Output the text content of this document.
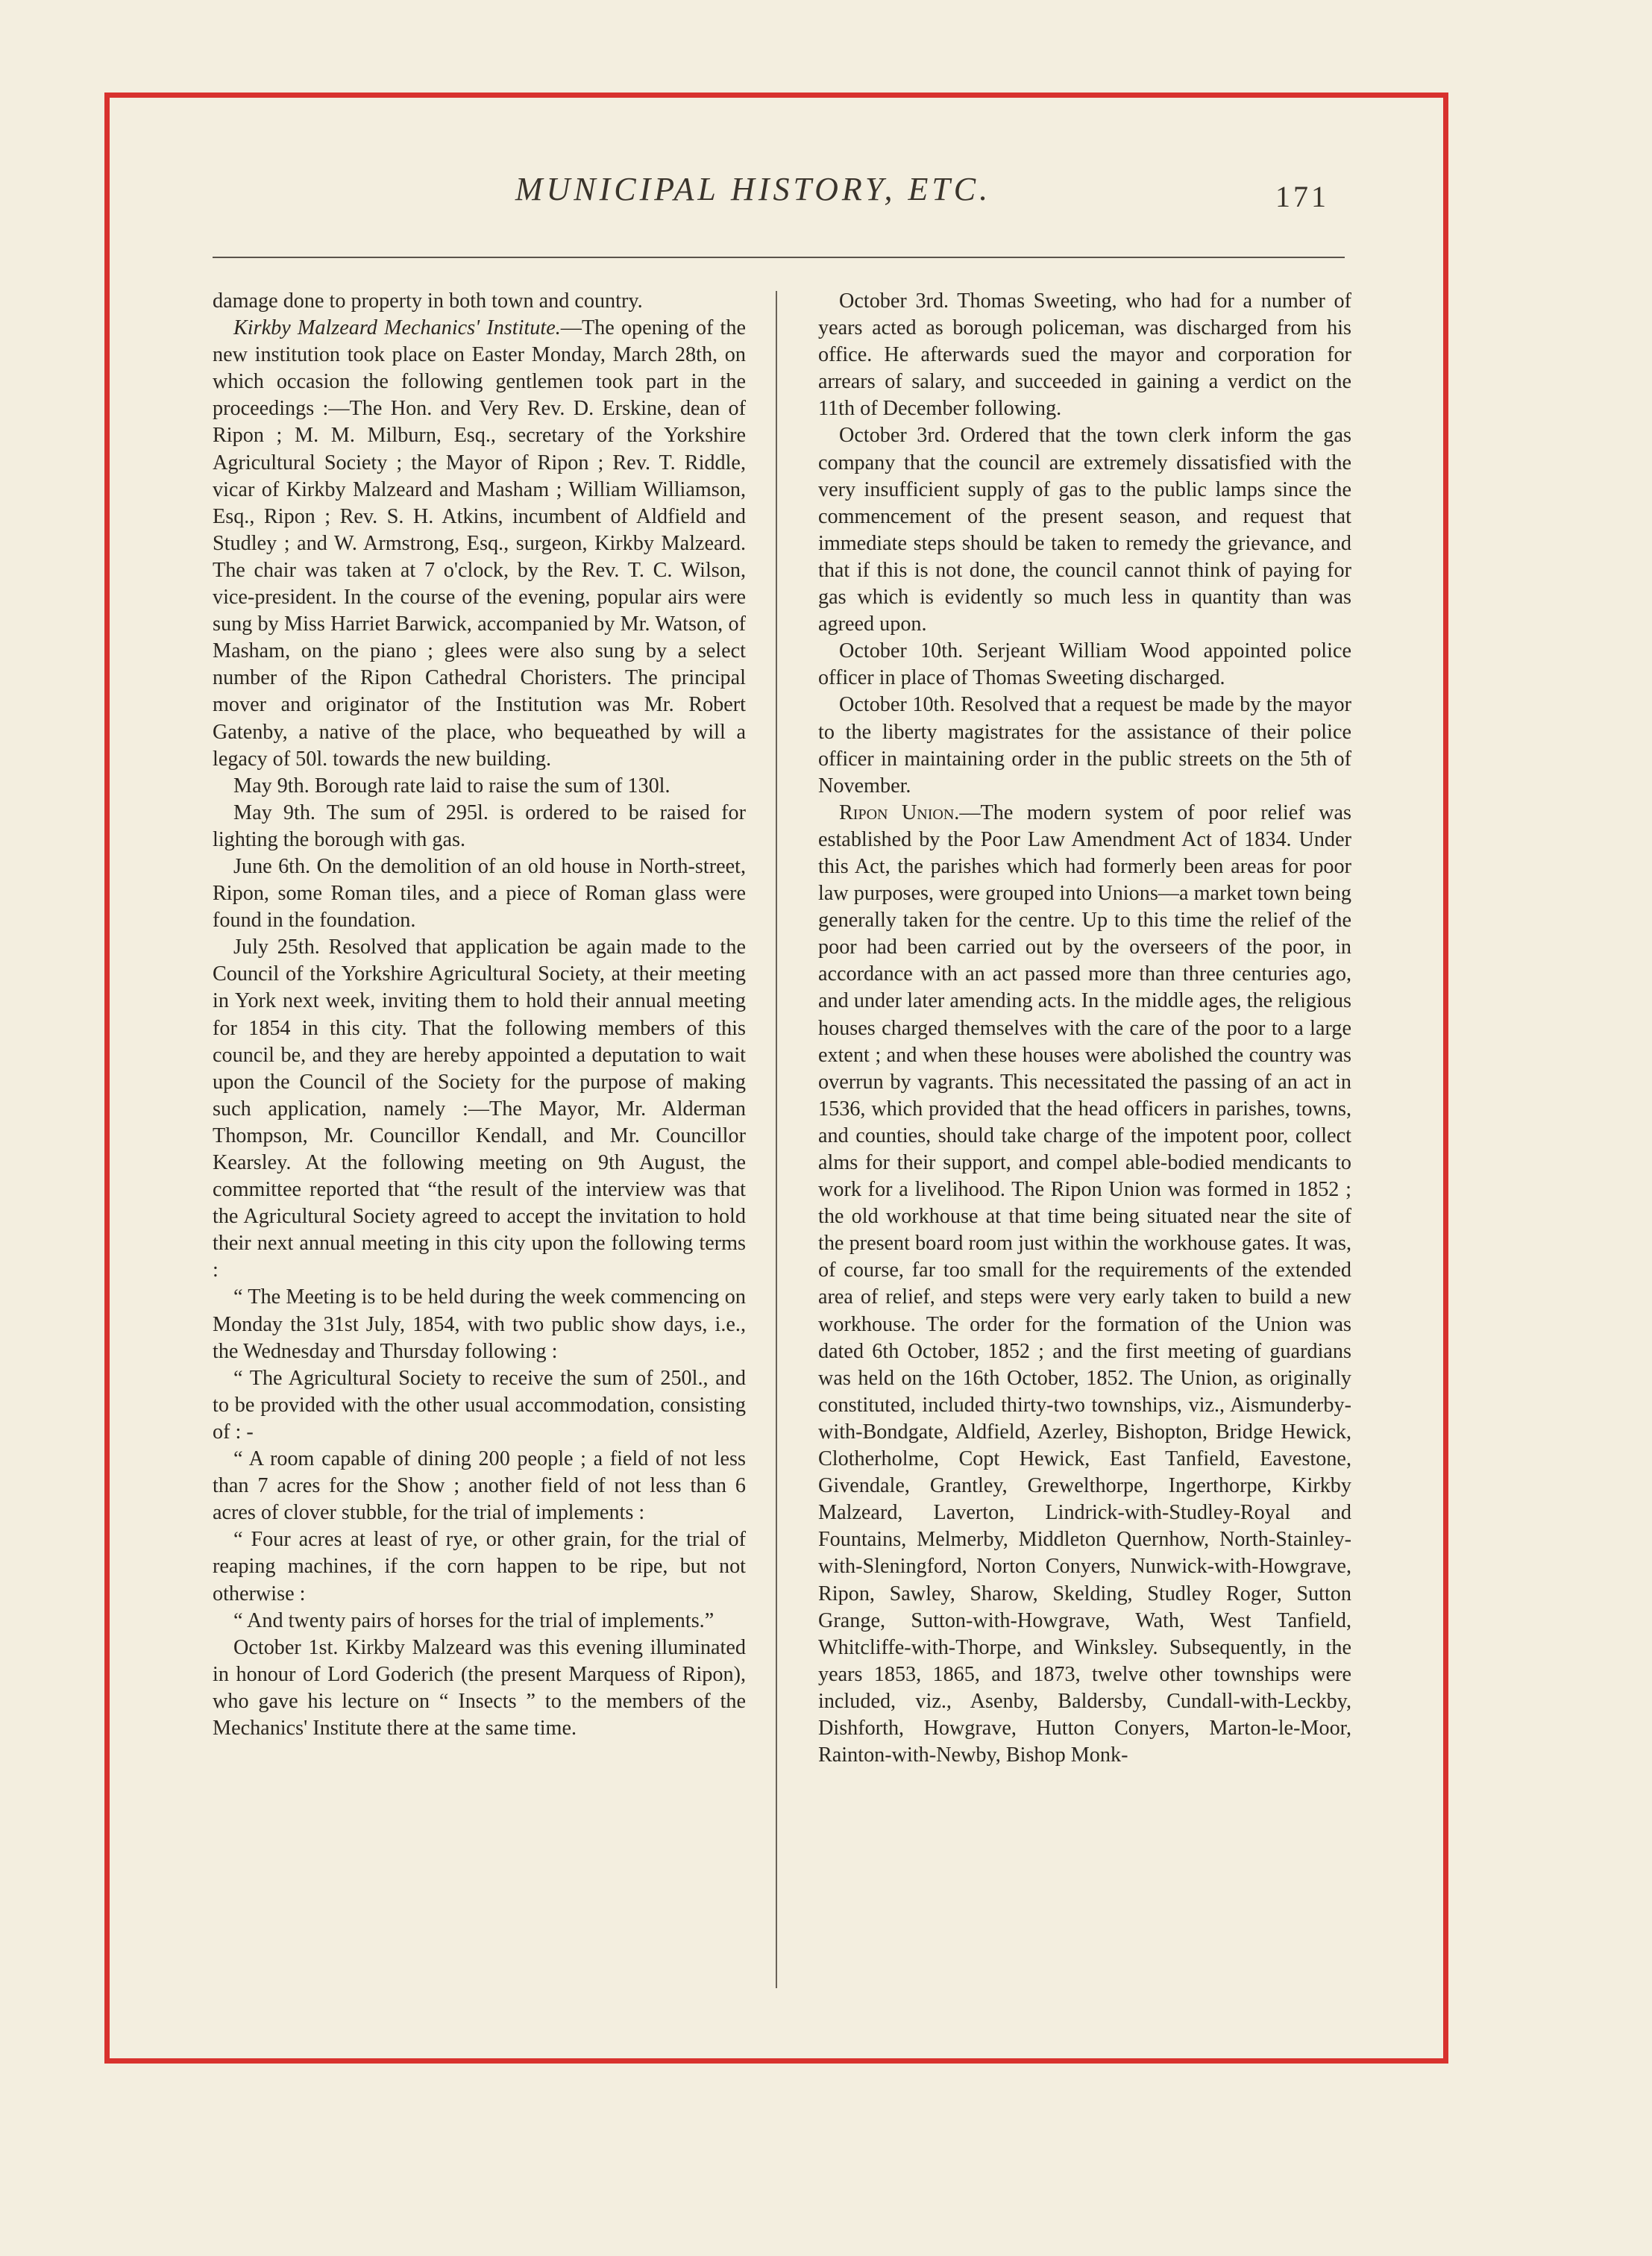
MUNICIPAL HISTORY, ETC.	171

damage done to property in both town and country.

Kirkby Malzeard Mechanics' Institute.—The opening of the new institution took place on Easter Monday, March 28th, on which occasion the following gentlemen took part in the proceedings :—The Hon. and Very Rev. D. Erskine, dean of Ripon ; M. M. Milburn, Esq., secretary of the Yorkshire Agricultural Society ; the Mayor of Ripon ; Rev. T. Riddle, vicar of Kirkby Malzeard and Masham ; William Williamson, Esq., Ripon ; Rev. S. H. Atkins, incumbent of Aldfield and Studley ; and W. Armstrong, Esq., surgeon, Kirkby Malzeard. The chair was taken at 7 o'clock, by the Rev. T. C. Wilson, vice-president. In the course of the evening, popular airs were sung by Miss Harriet Barwick, accompanied by Mr. Watson, of Masham, on the piano ; glees were also sung by a select number of the Ripon Cathedral Choristers. The principal mover and originator of the Institution was Mr. Robert Gatenby, a native of the place, who bequeathed by will a legacy of 50l. towards the new building.

May 9th. Borough rate laid to raise the sum of 130l.

May 9th. The sum of 295l. is ordered to be raised for lighting the borough with gas.

June 6th. On the demolition of an old house in North-street, Ripon, some Roman tiles, and a piece of Roman glass were found in the foundation.

July 25th. Resolved that application be again made to the Council of the Yorkshire Agricultural Society, at their meeting in York next week, inviting them to hold their annual meeting for 1854 in this city. That the following members of this council be, and they are hereby appointed a deputation to wait upon the Council of the Society for the purpose of making such application, namely :—The Mayor, Mr. Alderman Thompson, Mr. Councillor Kendall, and Mr. Councillor Kearsley. At the following meeting on 9th August, the committee reported that “the result of the interview was that the Agricultural Society agreed to accept the invitation to hold their next annual meeting in this city upon the following terms :

“ The Meeting is to be held during the week commencing on Monday the 31st July, 1854, with two public show days, i.e., the Wednesday and Thursday following :

“ The Agricultural Society to receive the sum of 250l., and to be provided with the other usual accommodation, consisting of : -

“ A room capable of dining 200 people ; a field of not less than 7 acres for the Show ; another field of not less than 6 acres of clover stubble, for the trial of implements :

“ Four acres at least of rye, or other grain, for the trial of reaping machines, if the corn happen to be ripe, but not otherwise :

“ And twenty pairs of horses for the trial of implements.”

October 1st. Kirkby Malzeard was this evening illuminated in honour of Lord Goderich (the present Marquess of Ripon), who gave his lecture on “ Insects ” to the members of the Mechanics' Institute there at the same time.

October 3rd. Thomas Sweeting, who had for a number of years acted as borough policeman, was discharged from his office. He afterwards sued the mayor and corporation for arrears of salary, and succeeded in gaining a verdict on the 11th of December following.

October 3rd. Ordered that the town clerk inform the gas company that the council are extremely dissatisfied with the very insufficient supply of gas to the public lamps since the commencement of the present season, and request that immediate steps should be taken to remedy the grievance, and that if this is not done, the council cannot think of paying for gas which is evidently so much less in quantity than was agreed upon.

October 10th. Serjeant William Wood appointed police officer in place of Thomas Sweeting discharged.

October 10th. Resolved that a request be made by the mayor to the liberty magistrates for the assistance of their police officer in maintaining order in the public streets on the 5th of November.

Ripon Union.—The modern system of poor relief was established by the Poor Law Amendment Act of 1834. Under this Act, the parishes which had formerly been areas for poor law purposes, were grouped into Unions—a market town being generally taken for the centre. Up to this time the relief of the poor had been carried out by the overseers of the poor, in accordance with an act passed more than three centuries ago, and under later amending acts. In the middle ages, the religious houses charged themselves with the care of the poor to a large extent ; and when these houses were abolished the country was overrun by vagrants. This necessitated the passing of an act in 1536, which provided that the head officers in parishes, towns, and counties, should take charge of the impotent poor, collect alms for their support, and compel able-bodied mendicants to work for a livelihood. The Ripon Union was formed in 1852 ; the old workhouse at that time being situated near the site of the present board room just within the workhouse gates. It was, of course, far too small for the requirements of the extended area of relief, and steps were very early taken to build a new workhouse. The order for the formation of the Union was dated 6th October, 1852 ; and the first meeting of guardians was held on the 16th October, 1852. The Union, as originally constituted, included thirty-two townships, viz., Aismunderby-with-Bondgate, Aldfield, Azerley, Bishopton, Bridge Hewick, Clotherholme, Copt Hewick, East Tanfield, Eavestone, Givendale, Grantley, Grewelthorpe, Ingerthorpe, Kirkby Malzeard, Laverton, Lindrick-with-Studley-Royal and Fountains, Melmerby, Middleton Quernhow, North-Stainley-with-Sleningford, Norton Conyers, Nunwick-with-Howgrave, Ripon, Sawley, Sharow, Skelding, Studley Roger, Sutton Grange, Sutton-with-Howgrave, Wath, West Tanfield, Whitcliffe-with-Thorpe, and Winksley. Subsequently, in the years 1853, 1865, and 1873, twelve other townships were included, viz., Asenby, Baldersby, Cundall-with-Leckby, Dishforth, Howgrave, Hutton Conyers, Marton-le-Moor, Rainton-with-Newby, Bishop Monk-
